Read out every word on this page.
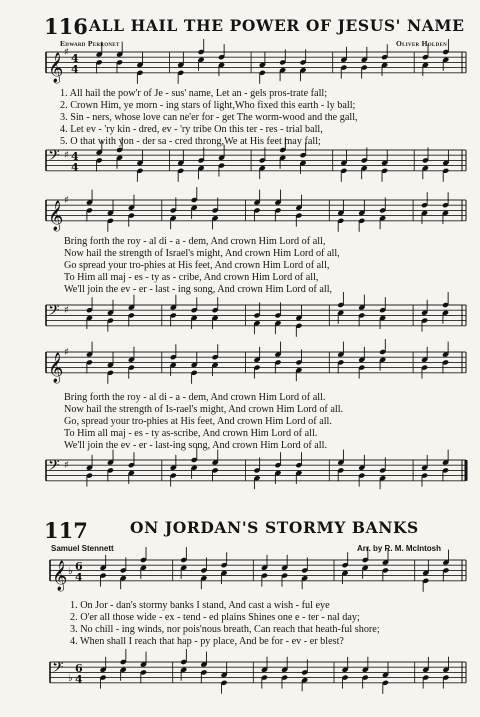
116 ALL HAIL THE POWER OF JESUS' NAME
Edward Perronet	Oliver Holden
𝄞
♯ 4
4
1. All hail the pow'r of Je - sus' name, Let an - gels pros-trate fall;
2. Crown Him, ye morn - ing stars of light,Who fixed this earth - ly ball;
3. Sin - ners, whose love can ne'er for - get The worm-wood and the gall,
4. Let ev - 'ry kin - dred, ev - 'ry tribe On this ter - res - trial ball,
5. O that with yon - der sa - cred throng,We at His feet may fall;
𝄢 ♯ 4
4
𝄞
♯
Bring forth the roy - al di - a - dem, And crown Him Lord of all,
Now hail the strength of Israel's might, And crown Him Lord of all,
Go spread your tro-phies at His feet, And crown Him Lord of all,
To Him all maj - es - ty as - cribe, And crown Him Lord of all,
We'll join the ev - er - last - ing song, And crown Him Lord of all,
𝄢 ♯
𝄞
♯
Bring forth the roy - al di - a - dem, And crown Him Lord of all.
Now hail the strength of Is-rael's might, And crown Him Lord of all.
Go, spread your tro-phies at His feet, And crown Him Lord of all.
To Him all maj - es - ty as-scribe, And crown Him Lord of all.
We'll join the ev - er - last-ing song, And crown Him Lord of all.
𝄢 ♯
117	ON JORDAN'S STORMY BANKS
Samuel Stennett	Arr. by R. M. McIntosh
𝄞 ♭ 6
4
1. On Jor - dan's stormy banks I stand, And cast a wish - ful eye
2. O'er all those wide - ex - tend - ed plains Shines one e - ter - nal day;
3. No chill - ing winds, nor pois'nous breath, Can reach that heath-ful shore;
4. When shall I reach that hap - py place, And be for - ev - er blest?
𝄢 ♭
6
4
